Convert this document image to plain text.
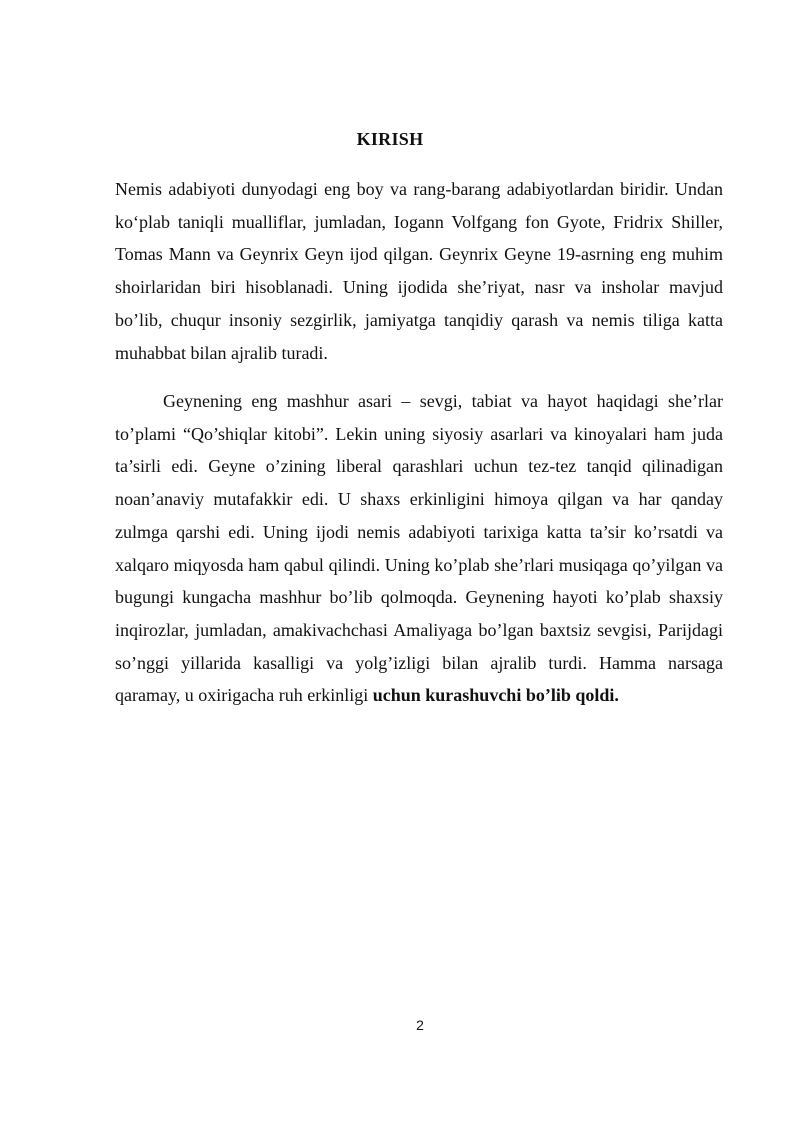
KIRISH

Nemis adabiyoti dunyodagi eng boy va rang-barang adabiyotlardan biridir. Undan koʻplab taniqli mualliflar, jumladan, Iogann Volfgang fon Gyote, Fridrix Shiller, Tomas Mann va Geynrix Geyn ijod qilgan. Geynrix Geyne 19-asrning eng muhim shoirlaridan biri hisoblanadi. Uning ijodida she’riyat, nasr va insholar mavjud bo’lib, chuqur insoniy sezgirlik, jamiyatga tanqidiy qarash va nemis tiliga katta muhabbat bilan ajralib turadi.

Geynening eng mashhur asari – sevgi, tabiat va hayot haqidagi she’rlar to’plami “Qo’shiqlar kitobi”. Lekin uning siyosiy asarlari va kinoyalari ham juda ta’sirli edi. Geyne o’zining liberal qarashlari uchun tez-tez tanqid qilinadigan noan’anaviy mutafakkir edi. U shaxs erkinligini himoya qilgan va har qanday zulmga qarshi edi. Uning ijodi nemis adabiyoti tarixiga katta ta’sir ko’rsatdi va xalqaro miqyosda ham qabul qilindi. Uning ko’plab she’rlari musiqaga qo’yilgan va bugungi kungacha mashhur bo’lib qolmoqda. Geynening hayoti ko’plab shaxsiy inqirozlar, jumladan, amakivachchasi Amaliyaga bo’lgan baxtsiz sevgisi, Parijdagi so’nggi yillarida kasalligi va yolg’izligi bilan ajralib turdi. Hamma narsaga qaramay, u oxirigacha ruh erkinligi uchun kurashuvchi bo’lib qoldi.

2
